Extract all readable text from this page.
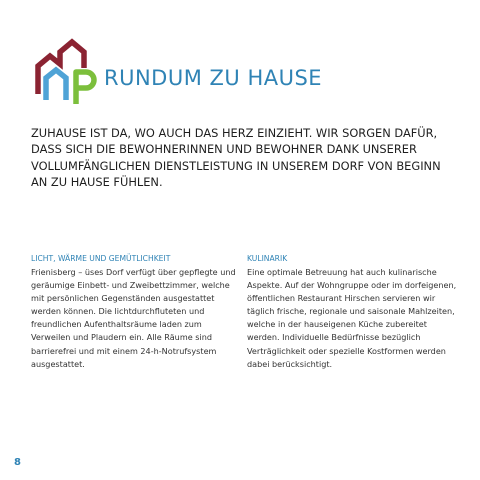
RUNDUM ZU HAUSE
ZUHAUSE IST DA, WO AUCH DAS HERZ EINZIEHT. WIR SORGEN DAFÜR, DASS SICH DIE BEWOHNERINNEN UND BEWOHNER DANK UNSERER VOLLUMFÄNGLICHEN DIENSTLEISTUNG IN UNSEREM DORF VON BEGINN AN ZU HAUSE FÜHLEN.
LICHT, WÄRME UND GEMÜTLICHKEIT
Frienisberg – üses Dorf verfügt über gepflegte und geräumige Einbett- und Zweibettzimmer, welche mit persönlichen Gegenständen ausgestattet werden können. Die lichtdurchfluteten und freundlichen Aufenthaltsräume laden zum Verweilen und Plaudern ein. Alle Räume sind barrierefrei und mit einem 24-h-Notrufsystem ausgestattet.
KULINARIK
Eine optimale Betreuung hat auch kulinarische Aspekte. Auf der Wohngruppe oder im dorfeigenen, öffentlichen Restaurant Hirschen servieren wir täglich frische, regionale und saisonale Mahlzeiten, welche in der hauseigenen Küche zubereitet werden. Individuelle Bedürfnisse bezüglich Verträglichkeit oder spezielle Kostformen werden dabei berücksichtigt.
8
